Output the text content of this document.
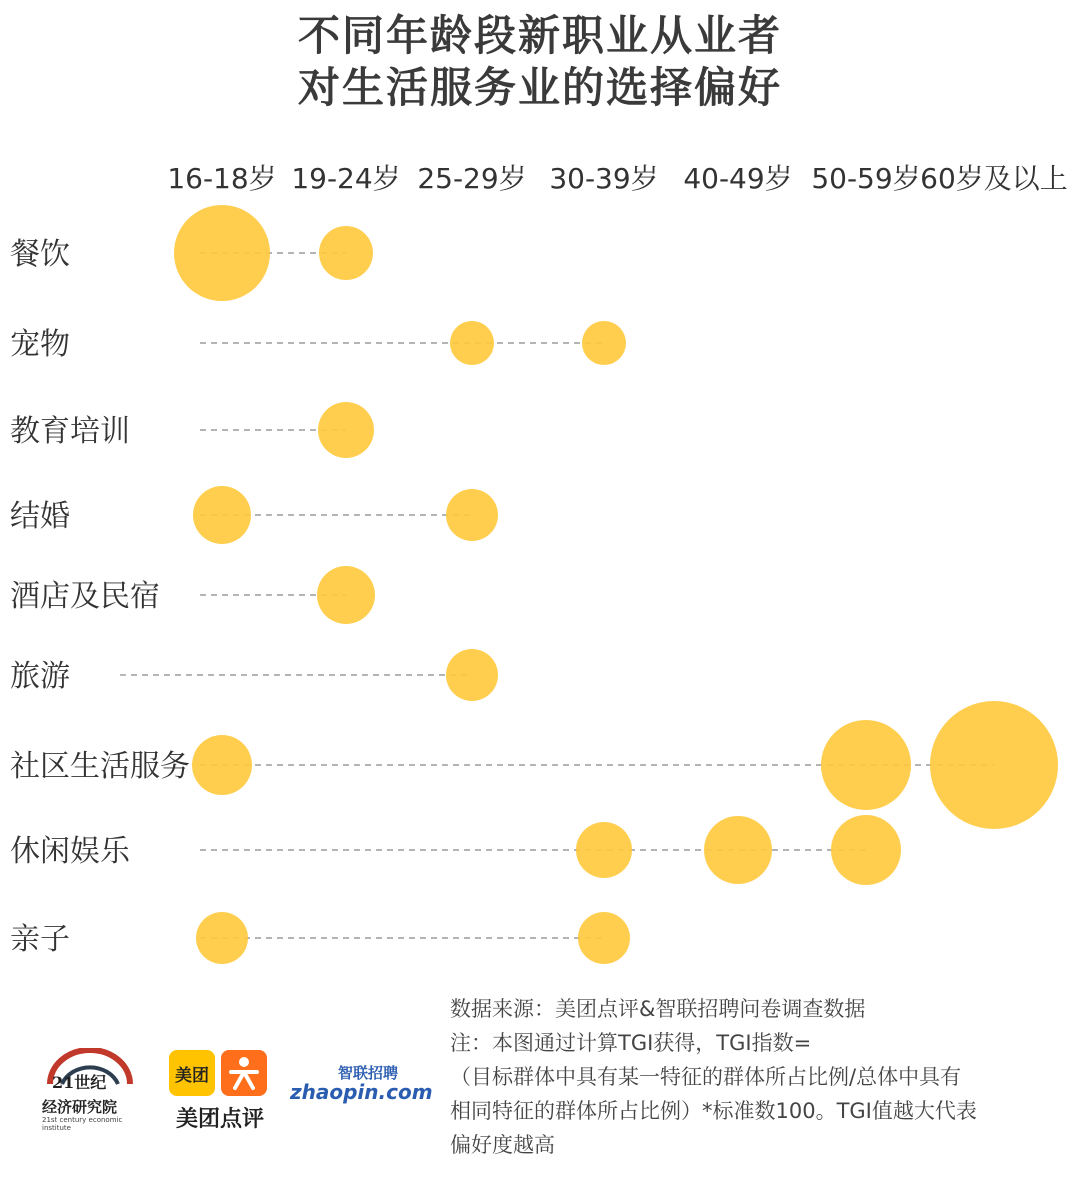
不同年龄段新职业从业者
对生活服务业的选择偏好
16-18岁 19-24岁 25-29岁 30-39岁 40-49岁 50-59岁 60岁及以上
餐饮
宠物
教育培训
结婚
酒店及民宿
旅游
社区生活服务
休闲娱乐
亲子

数据来源：美团点评&智联招聘问卷调查数据

注：本图通过计算TGI获得，TGI指数=

（目标群体中具有某一特征的群体所占比例/总体中具有

相同特征的群体所占比例）*标准数100。TGI值越大代表

偏好度越高

21世纪
经济研究院
21st century economic institute
美团
美团点评
智联招聘
zhaopin.com
